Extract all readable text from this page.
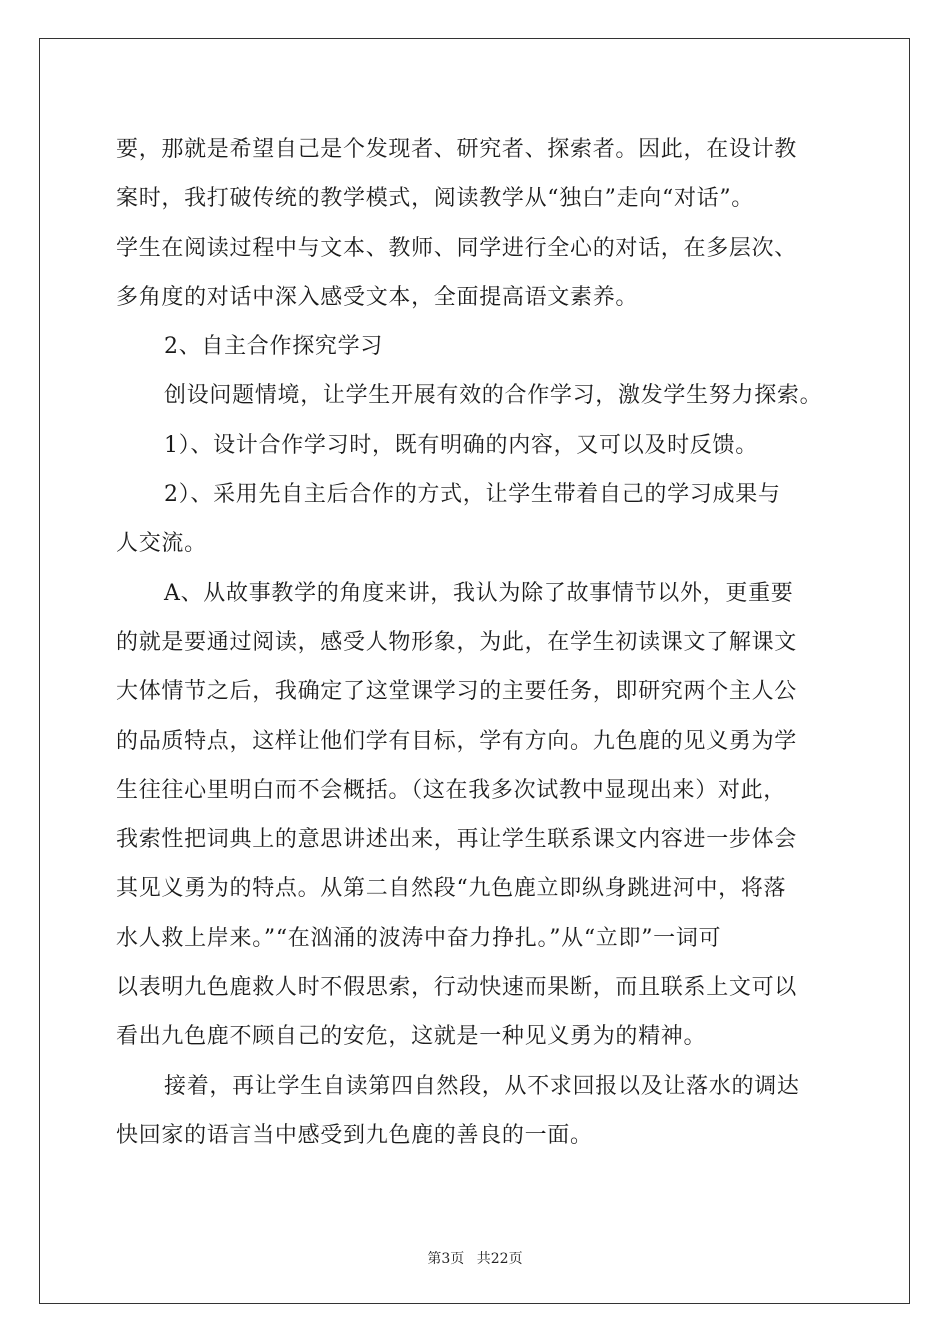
要，那就是希望自己是个发现者、研究者、探索者。因此，在设计教
案时，我打破传统的教学模式，阅读教学从“独白”走向“对话”。
学生在阅读过程中与文本、教师、同学进行全心的对话，在多层次、
多角度的对话中深入感受文本，全面提高语文素养。
2、自主合作探究学习
创设问题情境，让学生开展有效的合作学习，激发学生努力探索。
1）、设计合作学习时，既有明确的内容，又可以及时反馈。
2）、采用先自主后合作的方式，让学生带着自己的学习成果与
人交流。
A、从故事教学的角度来讲，我认为除了故事情节以外，更重要
的就是要通过阅读，感受人物形象，为此，在学生初读课文了解课文
大体情节之后，我确定了这堂课学习的主要任务，即研究两个主人公
的品质特点，这样让他们学有目标，学有方向。九色鹿的见义勇为学
生往往心里明白而不会概括。（这在我多次试教中显现出来）对此，
我索性把词典上的意思讲述出来，再让学生联系课文内容进一步体会
其见义勇为的特点。从第二自然段“九色鹿立即纵身跳进河中，将落
水人救上岸来。”“在汹涌的波涛中奋力挣扎。”从“立即”一词可
以表明九色鹿救人时不假思索，行动快速而果断，而且联系上文可以
看出九色鹿不顾自己的安危，这就是一种见义勇为的精神。
接着，再让学生自读第四自然段，从不求回报以及让落水的调达
快回家的语言当中感受到九色鹿的善良的一面。
第3页 共22页
